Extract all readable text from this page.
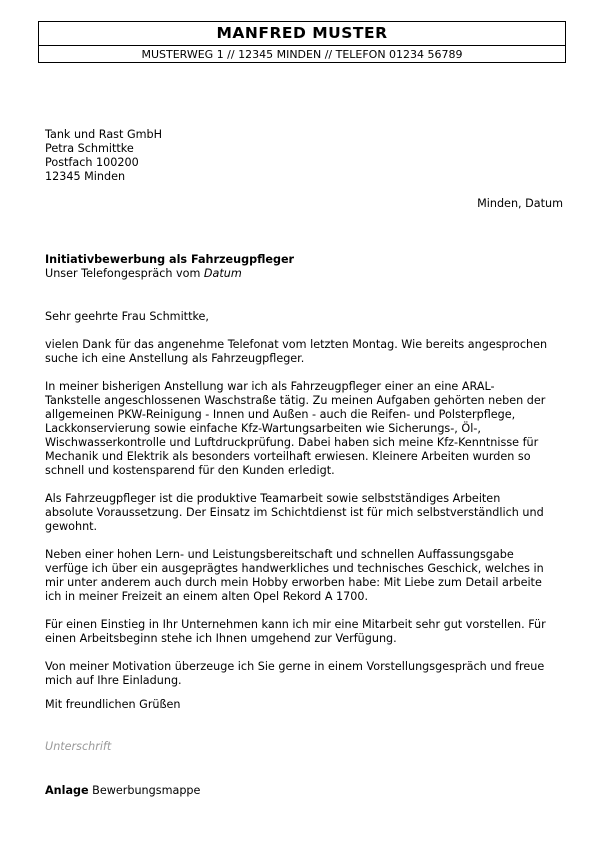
MANFRED MUSTER
MUSTERWEG 1 // 12345 MINDEN // TELEFON 01234 56789
Tank und Rast GmbH
Petra Schmittke
Postfach 100200
12345 Minden
Minden, Datum
Initiativbewerbung als Fahrzeugpfleger
Unser Telefongespräch vom Datum

Sehr geehrte Frau Schmittke,

vielen Dank für das angenehme Telefonat vom letzten Montag. Wie bereits angesprochen
suche ich eine Anstellung als Fahrzeugpfleger.

In meiner bisherigen Anstellung war ich als Fahrzeugpfleger einer an eine ARAL-
Tankstelle angeschlossenen Waschstraße tätig. Zu meinen Aufgaben gehörten neben der
allgemeinen PKW-Reinigung - Innen und Außen - auch die Reifen- und Polsterpflege,
Lackkonservierung sowie einfache Kfz-Wartungsarbeiten wie Sicherungs-, Öl-,
Wischwasserkontrolle und Luftdruckprüfung. Dabei haben sich meine Kfz-Kenntnisse für
Mechanik und Elektrik als besonders vorteilhaft erwiesen. Kleinere Arbeiten wurden so
schnell und kostensparend für den Kunden erledigt.

Als Fahrzeugpfleger ist die produktive Teamarbeit sowie selbstständiges Arbeiten
absolute Voraussetzung. Der Einsatz im Schichtdienst ist für mich selbstverständlich und
gewohnt.

Neben einer hohen Lern- und Leistungsbereitschaft und schnellen Auffassungsgabe
verfüge ich über ein ausgeprägtes handwerkliches und technisches Geschick, welches in
mir unter anderem auch durch mein Hobby erworben habe: Mit Liebe zum Detail arbeite
ich in meiner Freizeit an einem alten Opel Rekord A 1700.

Für einen Einstieg in Ihr Unternehmen kann ich mir eine Mitarbeit sehr gut vorstellen. Für
einen Arbeitsbeginn stehe ich Ihnen umgehend zur Verfügung.

Von meiner Motivation überzeuge ich Sie gerne in einem Vorstellungsgespräch und freue
mich auf Ihre Einladung.

Mit freundlichen Grüßen
Unterschrift
Anlage Bewerbungsmappe
